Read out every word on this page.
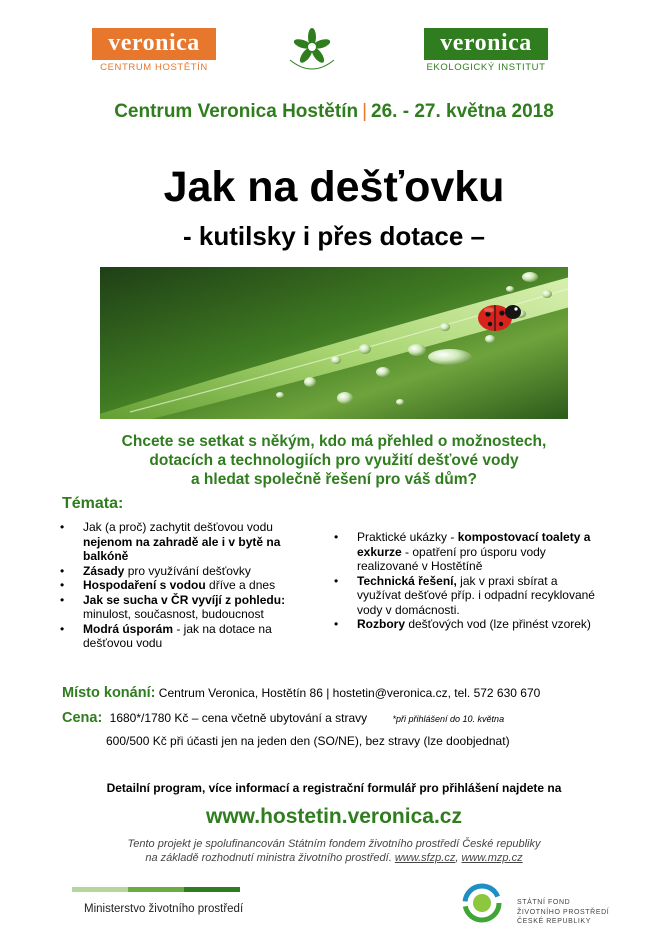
veronica
CENTRUM HOSTĚTÍN
veronica
EKOLOGICKÝ INSTITUT
Centrum Veronica Hostětín | 26. - 27. května 2018
Jak na dešťovku
- kutilsky i přes dotace –
Chcete se setkat s někým, kdo má přehled o možnostech,
dotacích a technologiích pro využití dešťové vody
a hledat společně řešení pro váš dům?
Témata:
• Jak (a proč) zachytit dešťovou vodu nejenom na zahradě ale i v bytě na balkóně
• Zásady pro využívání dešťovky
• Hospodaření s vodou dříve a dnes
• Jak se sucha v ČR vyvíjí z pohledu: minulost, současnost, budoucnost
• Modrá úsporám - jak na dotace na dešťovou vodu
• Praktické ukázky - kompostovací toalety a exkurze - opatření pro úsporu vody realizované v Hostětíně
• Technická řešení, jak v praxi sbírat a využívat dešťové příp. i odpadní recyklované vody v domácnosti.
• Rozbory dešťových vod (lze přinést vzorek)
Místo konání: Centrum Veronica, Hostětín 86 | hostetin@veronica.cz, tel. 572 630 670
Cena: 1680*/1780 Kč – cena včetně ubytování a stravy	*při přihlášení do 10. května
600/500 Kč při účasti jen na jeden den (SO/NE), bez stravy (lze doobjednat)
Detailní program, více informací a registrační formulář pro přihlášení najdete na
www.hostetin.veronica.cz
Tento projekt je spolufinancován Státním fondem životního prostředí České republiky
na základě rozhodnutí ministra životního prostředí. www.sfzp.cz, www.mzp.cz
Ministerstvo životního prostředí
STÁTNÍ FOND
ŽIVOTNÍHO PROSTŘEDÍ
ČESKÉ REPUBLIKY
